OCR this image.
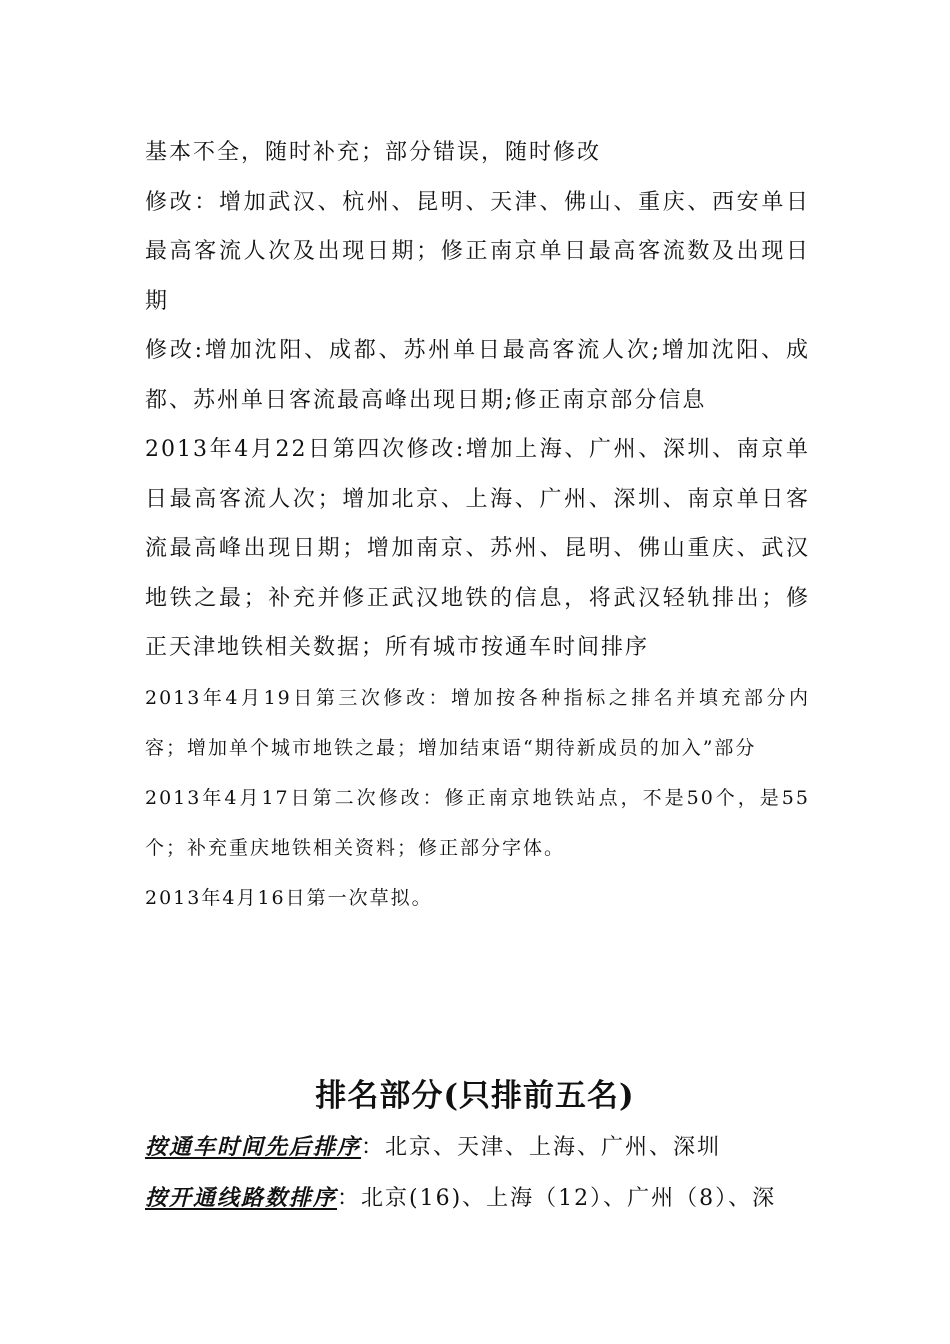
基本不全，随时补充；部分错误，随时修改

修改：增加武汉、杭州、昆明、天津、佛山、重庆、西安单日最高客流人次及出现日期；修正南京单日最高客流数及出现日期

修改:增加沈阳、成都、苏州单日最高客流人次;增加沈阳、成都、苏州单日客流最高峰出现日期;修正南京部分信息

2013年4月22日第四次修改:增加上海、广州、深圳、南京单日最高客流人次；增加北京、上海、广州、深圳、南京单日客流最高峰出现日期；增加南京、苏州、昆明、佛山重庆、武汉地铁之最；补充并修正武汉地铁的信息，将武汉轻轨排出；修正天津地铁相关数据；所有城市按通车时间排序

2013年4月19日第三次修改：增加按各种指标之排名并填充部分内容；增加单个城市地铁之最；增加结束语“期待新成员的加入”部分

2013年4月17日第二次修改：修正南京地铁站点，不是50个，是55个；补充重庆地铁相关资料；修正部分字体。

2013年4月16日第一次草拟。

排名部分(只排前五名)
按通车时间先后排序：北京、天津、上海、广州、深圳
按开通线路数排序：北京(16)、上海（12）、广州（8）、深
